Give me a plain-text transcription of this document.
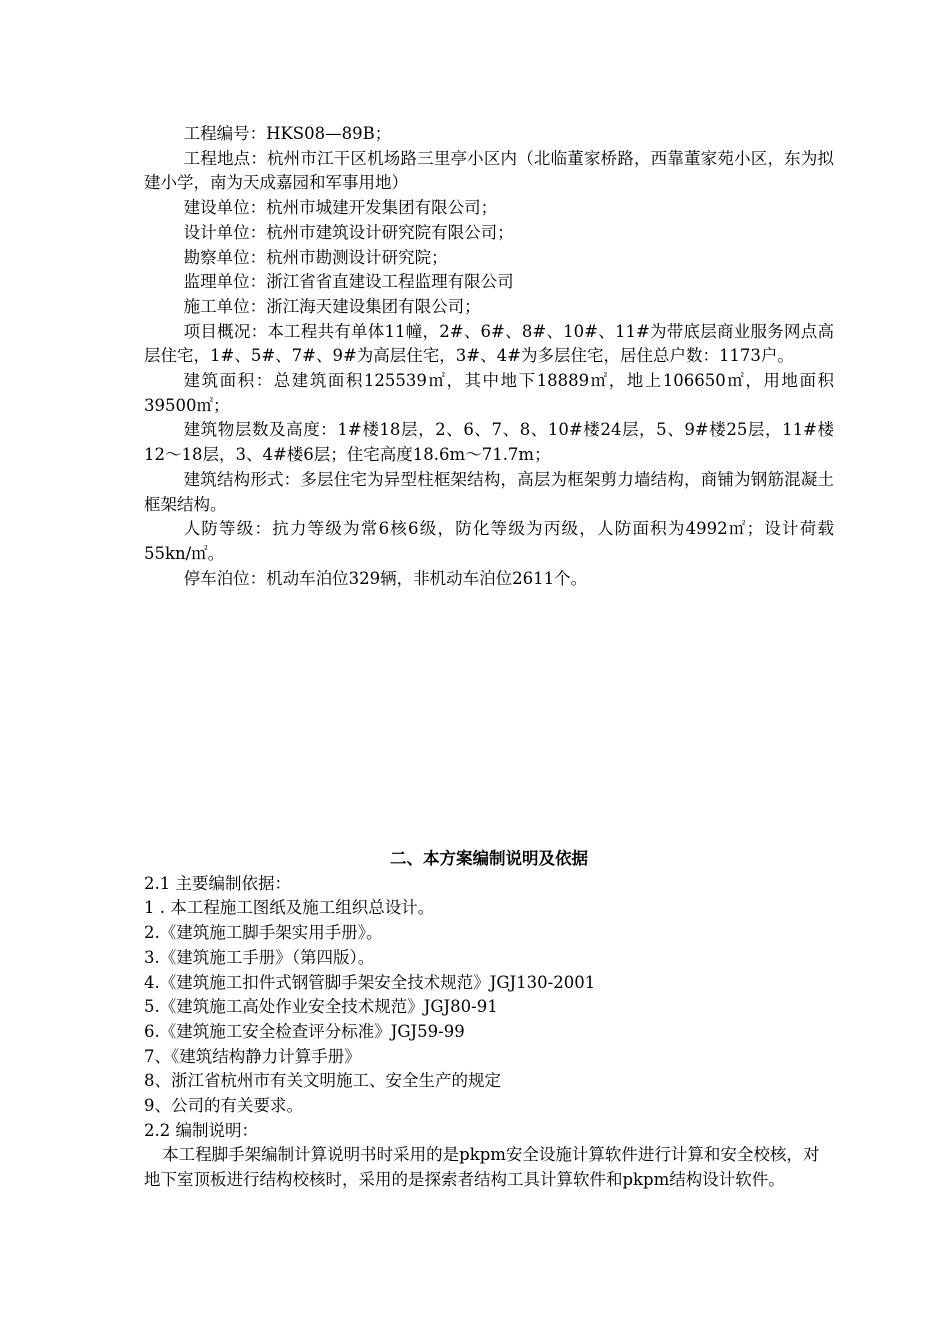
工程编号：HKS08—89B；

工程地点：杭州市江干区机场路三里亭小区内（北临董家桥路，西靠董家苑小区，东为拟建小学，南为天成嘉园和军事用地）

建设单位：杭州市城建开发集团有限公司；

设计单位：杭州市建筑设计研究院有限公司；

勘察单位：杭州市勘测设计研究院；

监理单位：浙江省省直建设工程监理有限公司

施工单位：浙江海天建设集团有限公司；

项目概况：本工程共有单体11幢，2#、6#、8#、10#、11#为带底层商业服务网点高层住宅，1#、5#、7#、9#为高层住宅，3#、4#为多层住宅，居住总户数：1173户。

建筑面积：总建筑面积125539㎡，其中地下18889㎡，地上106650㎡，用地面积39500㎡；

建筑物层数及高度：1#楼18层，2、6、7、8、10#楼24层，5、9#楼25层，11#楼12～18层，3、4#楼6层；住宅高度18.6m～71.7m；

建筑结构形式：多层住宅为异型柱框架结构，高层为框架剪力墙结构，商铺为钢筋混凝土框架结构。

人防等级：抗力等级为常6核6级，防化等级为丙级，人防面积为4992㎡；设计荷载55kn/㎡。

停车泊位：机动车泊位329辆，非机动车泊位2611个。

二、本方案编制说明及依据

2.1 主要编制依据：

1 . 本工程施工图纸及施工组织总设计。

2.《建筑施工脚手架实用手册》。

3.《建筑施工手册》（第四版）。

4.《建筑施工扣件式钢管脚手架安全技术规范》JGJ130-2001

5.《建筑施工高处作业安全技术规范》JGJ80-91

6.《建筑施工安全检查评分标准》JGJ59-99

7、《建筑结构静力计算手册》

8、浙江省杭州市有关文明施工、安全生产的规定

9、公司的有关要求。

2.2 编制说明：

本工程脚手架编制计算说明书时采用的是pkpm安全设施计算软件进行计算和安全校核，对地下室顶板进行结构校核时，采用的是探索者结构工具计算软件和pkpm结构设计软件。
